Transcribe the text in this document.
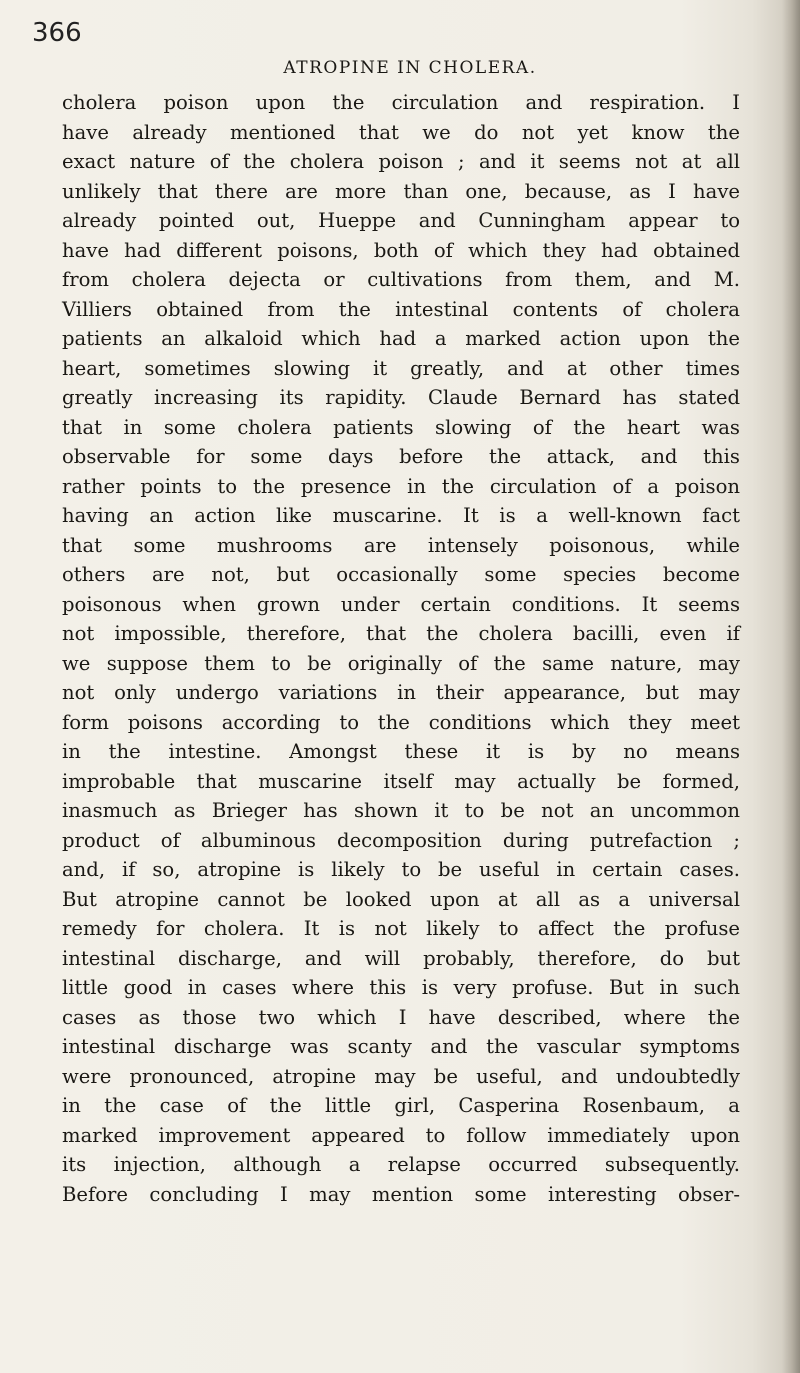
366
ATROPINE IN CHOLERA.
cholera poison upon the circulation and respiration. I
have already mentioned that we do not yet know the
exact nature of the cholera poison ; and it seems not at all
unlikely that there are more than one, because, as I have
already pointed out, Hueppe and Cunningham appear to
have had different poisons, both of which they had obtained
from cholera dejecta or cultivations from them, and M.
Villiers obtained from the intestinal contents of cholera
patients an alkaloid which had a marked action upon the
heart, sometimes slowing it greatly, and at other times
greatly increasing its rapidity. Claude Bernard has stated
that in some cholera patients slowing of the heart was
observable for some days before the attack, and this
rather points to the presence in the circulation of a poison
having an action like muscarine. It is a well-known fact
that some mushrooms are intensely poisonous, while
others are not, but occasionally some species become
poisonous when grown under certain conditions. It seems
not impossible, therefore, that the cholera bacilli, even if
we suppose them to be originally of the same nature, may
not only undergo variations in their appearance, but may
form poisons according to the conditions which they meet
in the intestine. Amongst these it is by no means
improbable that muscarine itself may actually be formed,
inasmuch as Brieger has shown it to be not an uncommon
product of albuminous decomposition during putrefaction ;
and, if so, atropine is likely to be useful in certain cases.
But atropine cannot be looked upon at all as a universal
remedy for cholera. It is not likely to affect the profuse
intestinal discharge, and will probably, therefore, do but
little good in cases where this is very profuse. But in such
cases as those two which I have described, where the
intestinal discharge was scanty and the vascular symptoms
were pronounced, atropine may be useful, and undoubtedly
in the case of the little girl, Casperina Rosenbaum, a
marked improvement appeared to follow immediately upon
its injection, although a relapse occurred subsequently.
Before concluding I may mention some interesting obser-
